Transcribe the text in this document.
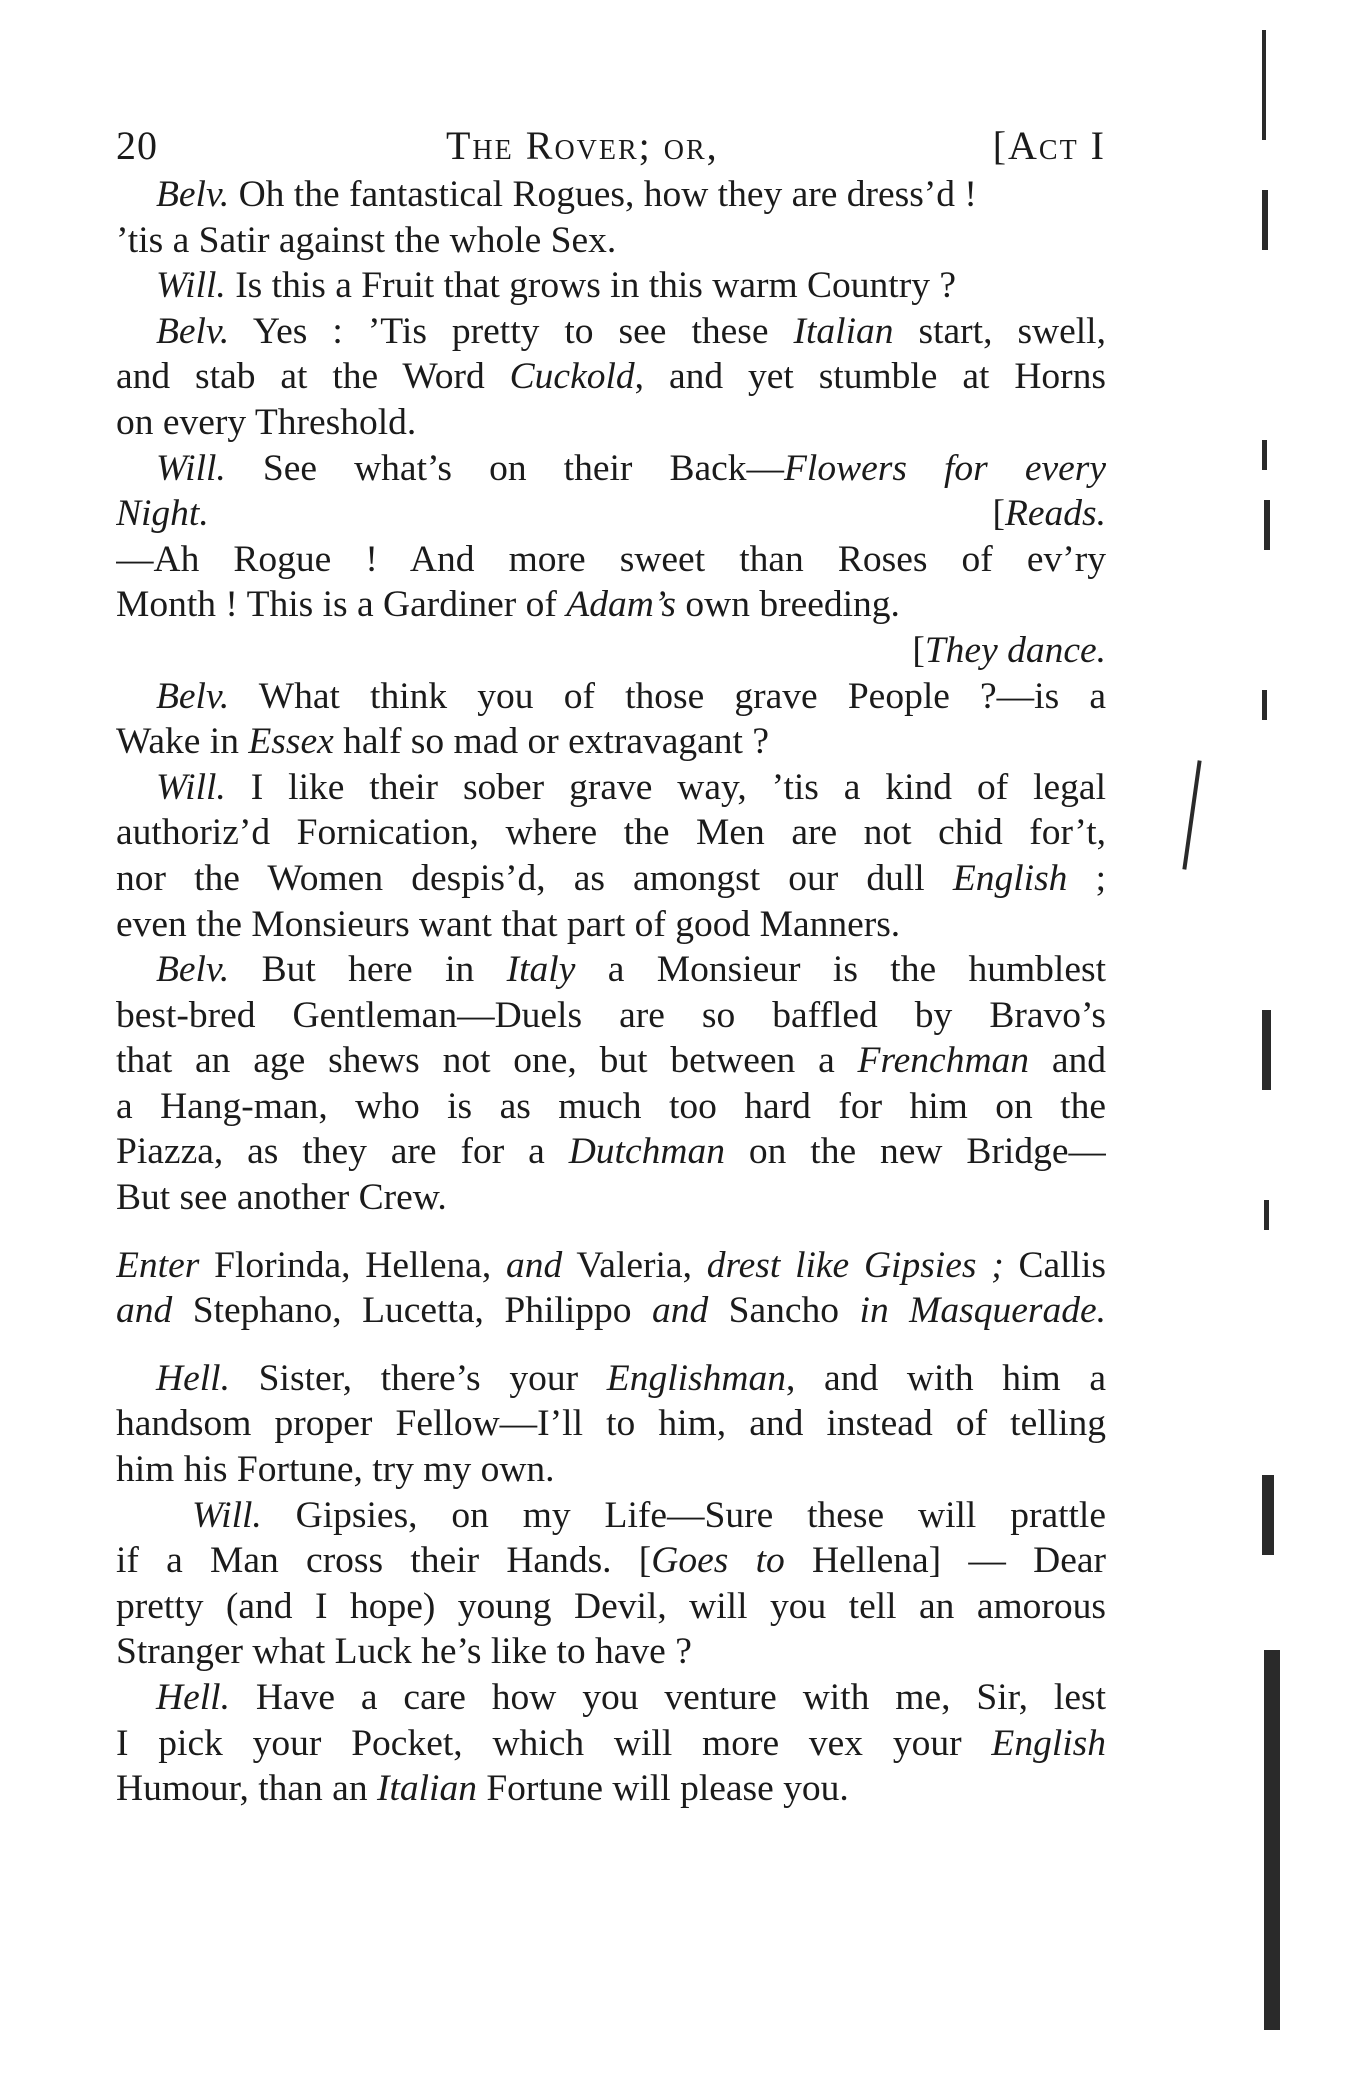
20	The Rover; or,	[Act I
Belv. Oh the fantastical Rogues, how they are dress’d !
’tis a Satir against the whole Sex.
Will. Is this a Fruit that grows in this warm Country ?
Belv. Yes : ’Tis pretty to see these Italian start, swell,
and stab at the Word Cuckold, and yet stumble at Horns
on every Threshold.
Will. See what’s on their Back—Flowers for every
Night. [Reads.
—Ah Rogue ! And more sweet than Roses of ev’ry
Month ! This is a Gardiner of Adam’s own breeding.
[They dance.
Belv. What think you of those grave People ?—is a
Wake in Essex half so mad or extravagant ?
Will. I like their sober grave way, ’tis a kind of legal
authoriz’d Fornication, where the Men are not chid for’t,
nor the Women despis’d, as amongst our dull English ;
even the Monsieurs want that part of good Manners.
Belv. But here in Italy a Monsieur is the humblest
best-bred Gentleman—Duels are so baffled by Bravo’s
that an age shews not one, but between a Frenchman and
a Hang-man, who is as much too hard for him on the
Piazza, as they are for a Dutchman on the new Bridge—
But see another Crew.
Enter Florinda, Hellena, and Valeria, drest like Gipsies ; Callis
and Stephano, Lucetta, Philippo and Sancho in Masquerade.
Hell. Sister, there’s your Englishman, and with him a
handsom proper Fellow—I’ll to him, and instead of telling
him his Fortune, try my own.
Will. Gipsies, on my Life—Sure these will prattle
if a Man cross their Hands. [Goes to Hellena] — Dear
pretty (and I hope) young Devil, will you tell an amorous
Stranger what Luck he’s like to have ?
Hell. Have a care how you venture with me, Sir, lest
I pick your Pocket, which will more vex your English
Humour, than an Italian Fortune will please you.
